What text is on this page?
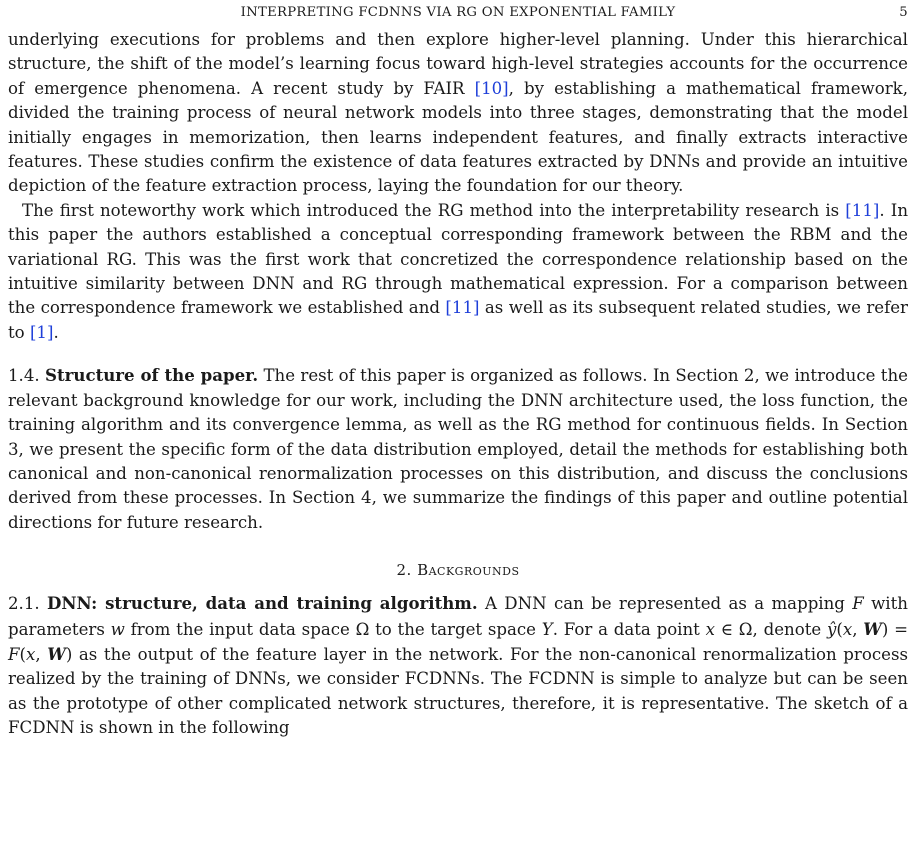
INTERPRETING FCDNNS VIA RG ON EXPONENTIAL FAMILY	5

underlying executions for problems and then explore higher-level planning. Under this hierarchical structure, the shift of the model’s learning focus toward high-level strategies accounts for the occurrence of emergence phenomena. A recent study by FAIR [10], by establishing a mathematical framework, divided the training process of neural network models into three stages, demonstrating that the model initially engages in memorization, then learns independent features, and finally extracts interactive features. These studies confirm the existence of data features extracted by DNNs and provide an intuitive depiction of the feature extraction process, laying the foundation for our theory.

The first noteworthy work which introduced the RG method into the interpretability research is [11]. In this paper the authors established a conceptual corresponding framework between the RBM and the variational RG. This was the first work that concretized the correspondence relationship based on the intuitive similarity between DNN and RG through mathematical expression. For a comparison between the correspondence framework we established and [11] as well as its subsequent related studies, we refer to [1].

1.4. Structure of the paper. The rest of this paper is organized as follows. In Section 2, we introduce the relevant background knowledge for our work, including the DNN architecture used, the loss function, the training algorithm and its convergence lemma, as well as the RG method for continuous fields. In Section 3, we present the specific form of the data distribution employed, detail the methods for establishing both canonical and non-canonical renormalization processes on this distribution, and discuss the conclusions derived from these processes. In Section 4, we summarize the findings of this paper and outline potential directions for future research.

2. Backgrounds

2.1. DNN: structure, data and training algorithm. A DNN can be represented as a mapping F with parameters w from the input data space Ω to the target space Y. For a data point x ∈ Ω, denote ŷ(x, W) = F(x, W) as the output of the feature layer in the network. For the non-canonical renormalization process realized by the training of DNNs, we consider FCDNNs. The FCDNN is simple to analyze but can be seen as the prototype of other complicated network structures, therefore, it is representative. The sketch of a FCDNN is shown in the following
